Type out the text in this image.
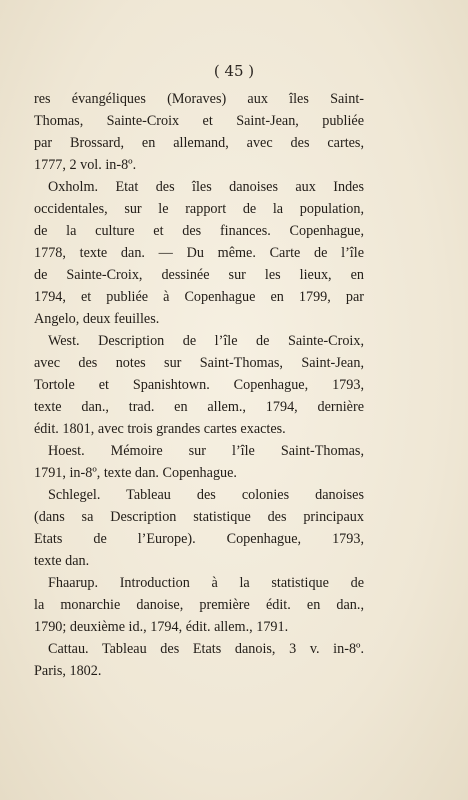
( 45 )
res évangéliques (Moraves) aux îles Saint-
Thomas, Sainte-Croix et Saint-Jean, publiée
par Brossard, en allemand, avec des cartes,
1777, 2 vol. in-8º.
Oxholm. Etat des îles danoises aux Indes
occidentales, sur le rapport de la population,
de la culture et des finances. Copenhague,
1778, texte dan. — Du même. Carte de l’île
de Sainte-Croix, dessinée sur les lieux, en
1794, et publiée à Copenhague en 1799, par
Angelo, deux feuilles.
West. Description de l’île de Sainte-Croix,
avec des notes sur Saint-Thomas, Saint-Jean,
Tortole et Spanishtown. Copenhague, 1793,
texte dan., trad. en allem., 1794, dernière
édit. 1801, avec trois grandes cartes exactes.
Hoest. Mémoire sur l’île Saint-Thomas,
1791, in-8º, texte dan. Copenhague.
Schlegel. Tableau des colonies danoises
(dans sa Description statistique des principaux
Etats de l’Europe). Copenhague, 1793,
texte dan.
Fhaarup. Introduction à la statistique de
la monarchie danoise, première édit. en dan.,
1790; deuxième id., 1794, édit. allem., 1791.
Cattau. Tableau des Etats danois, 3 v. in-8º.
Paris, 1802.
